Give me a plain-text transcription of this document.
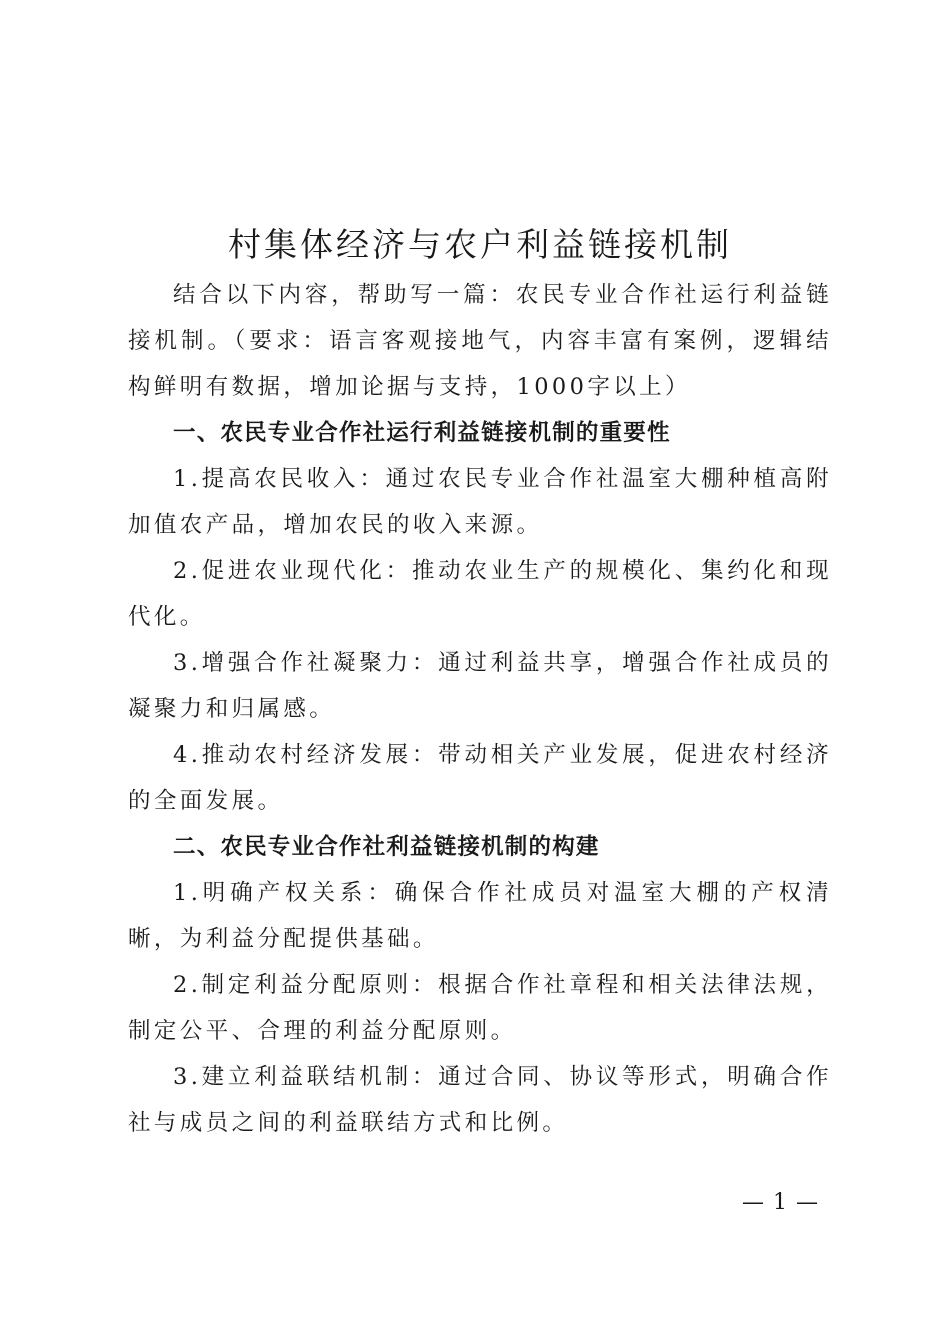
村集体经济与农户利益链接机制

结合以下内容，帮助写一篇：农民专业合作社运行利益链接机制。（要求：语言客观接地气，内容丰富有案例，逻辑结构鲜明有数据，增加论据与支持，1000字以上）

一、农民专业合作社运行利益链接机制的重要性

1.提高农民收入：通过农民专业合作社温室大棚种植高附加值农产品，增加农民的收入来源。

2.促进农业现代化：推动农业生产的规模化、集约化和现代化。

3.增强合作社凝聚力：通过利益共享，增强合作社成员的凝聚力和归属感。

4.推动农村经济发展：带动相关产业发展，促进农村经济的全面发展。

二、农民专业合作社利益链接机制的构建

1.明确产权关系：确保合作社成员对温室大棚的产权清晰，为利益分配提供基础。

2.制定利益分配原则：根据合作社章程和相关法律法规，制定公平、合理的利益分配原则。

3.建立利益联结机制：通过合同、协议等形式，明确合作社与成员之间的利益联结方式和比例。

— 1 —
